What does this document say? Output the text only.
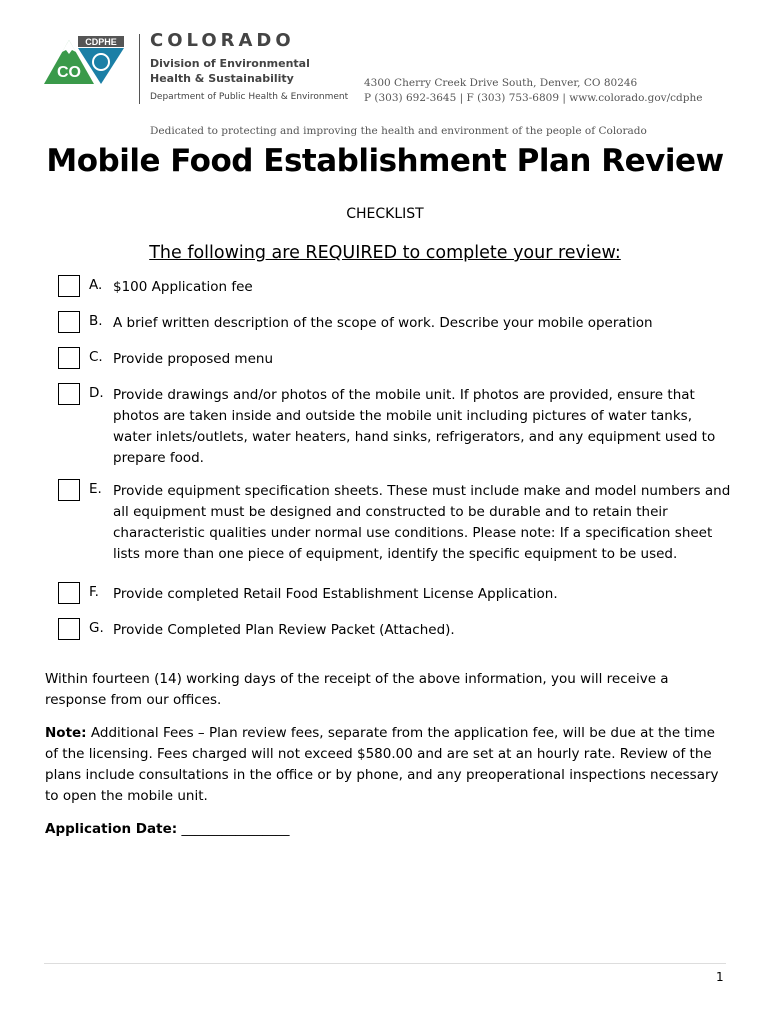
CO
CDPHE COLORADO
Division of Environmental
Health & Sustainability
Department of Public Health & Environment
4300 Cherry Creek Drive South, Denver, CO 80246
P (303) 692-3645 | F (303) 753-6809 | www.colorado.gov/cdphe
Dedicated to protecting and improving the health and environment of the people of Colorado
Mobile Food Establishment Plan Review
CHECKLIST
The following are REQUIRED to complete your review:
A. $100 Application fee
B. A brief written description of the scope of work. Describe your mobile operation
C. Provide proposed menu
D. Provide drawings and/or photos of the mobile unit. If photos are provided, ensure that photos are taken inside and outside the mobile unit including pictures of water tanks, water inlets/outlets, water heaters, hand sinks, refrigerators, and any equipment used to prepare food.
E. Provide equipment specification sheets. These must include make and model numbers and all equipment must be designed and constructed to be durable and to retain their characteristic qualities under normal use conditions. Please note: If a specification sheet lists more than one piece of equipment, identify the specific equipment to be used.
F. Provide completed Retail Food Establishment License Application.
G. Provide Completed Plan Review Packet (Attached).
Within fourteen (14) working days of the receipt of the above information, you will receive a response from our offices.
Note: Additional Fees – Plan review fees, separate from the application fee, will be due at the time of the licensing. Fees charged will not exceed $580.00 and are set at an hourly rate. Review of the plans include consultations in the office or by phone, and any preoperational inspections necessary to open the mobile unit.
Application Date: ________________
1
